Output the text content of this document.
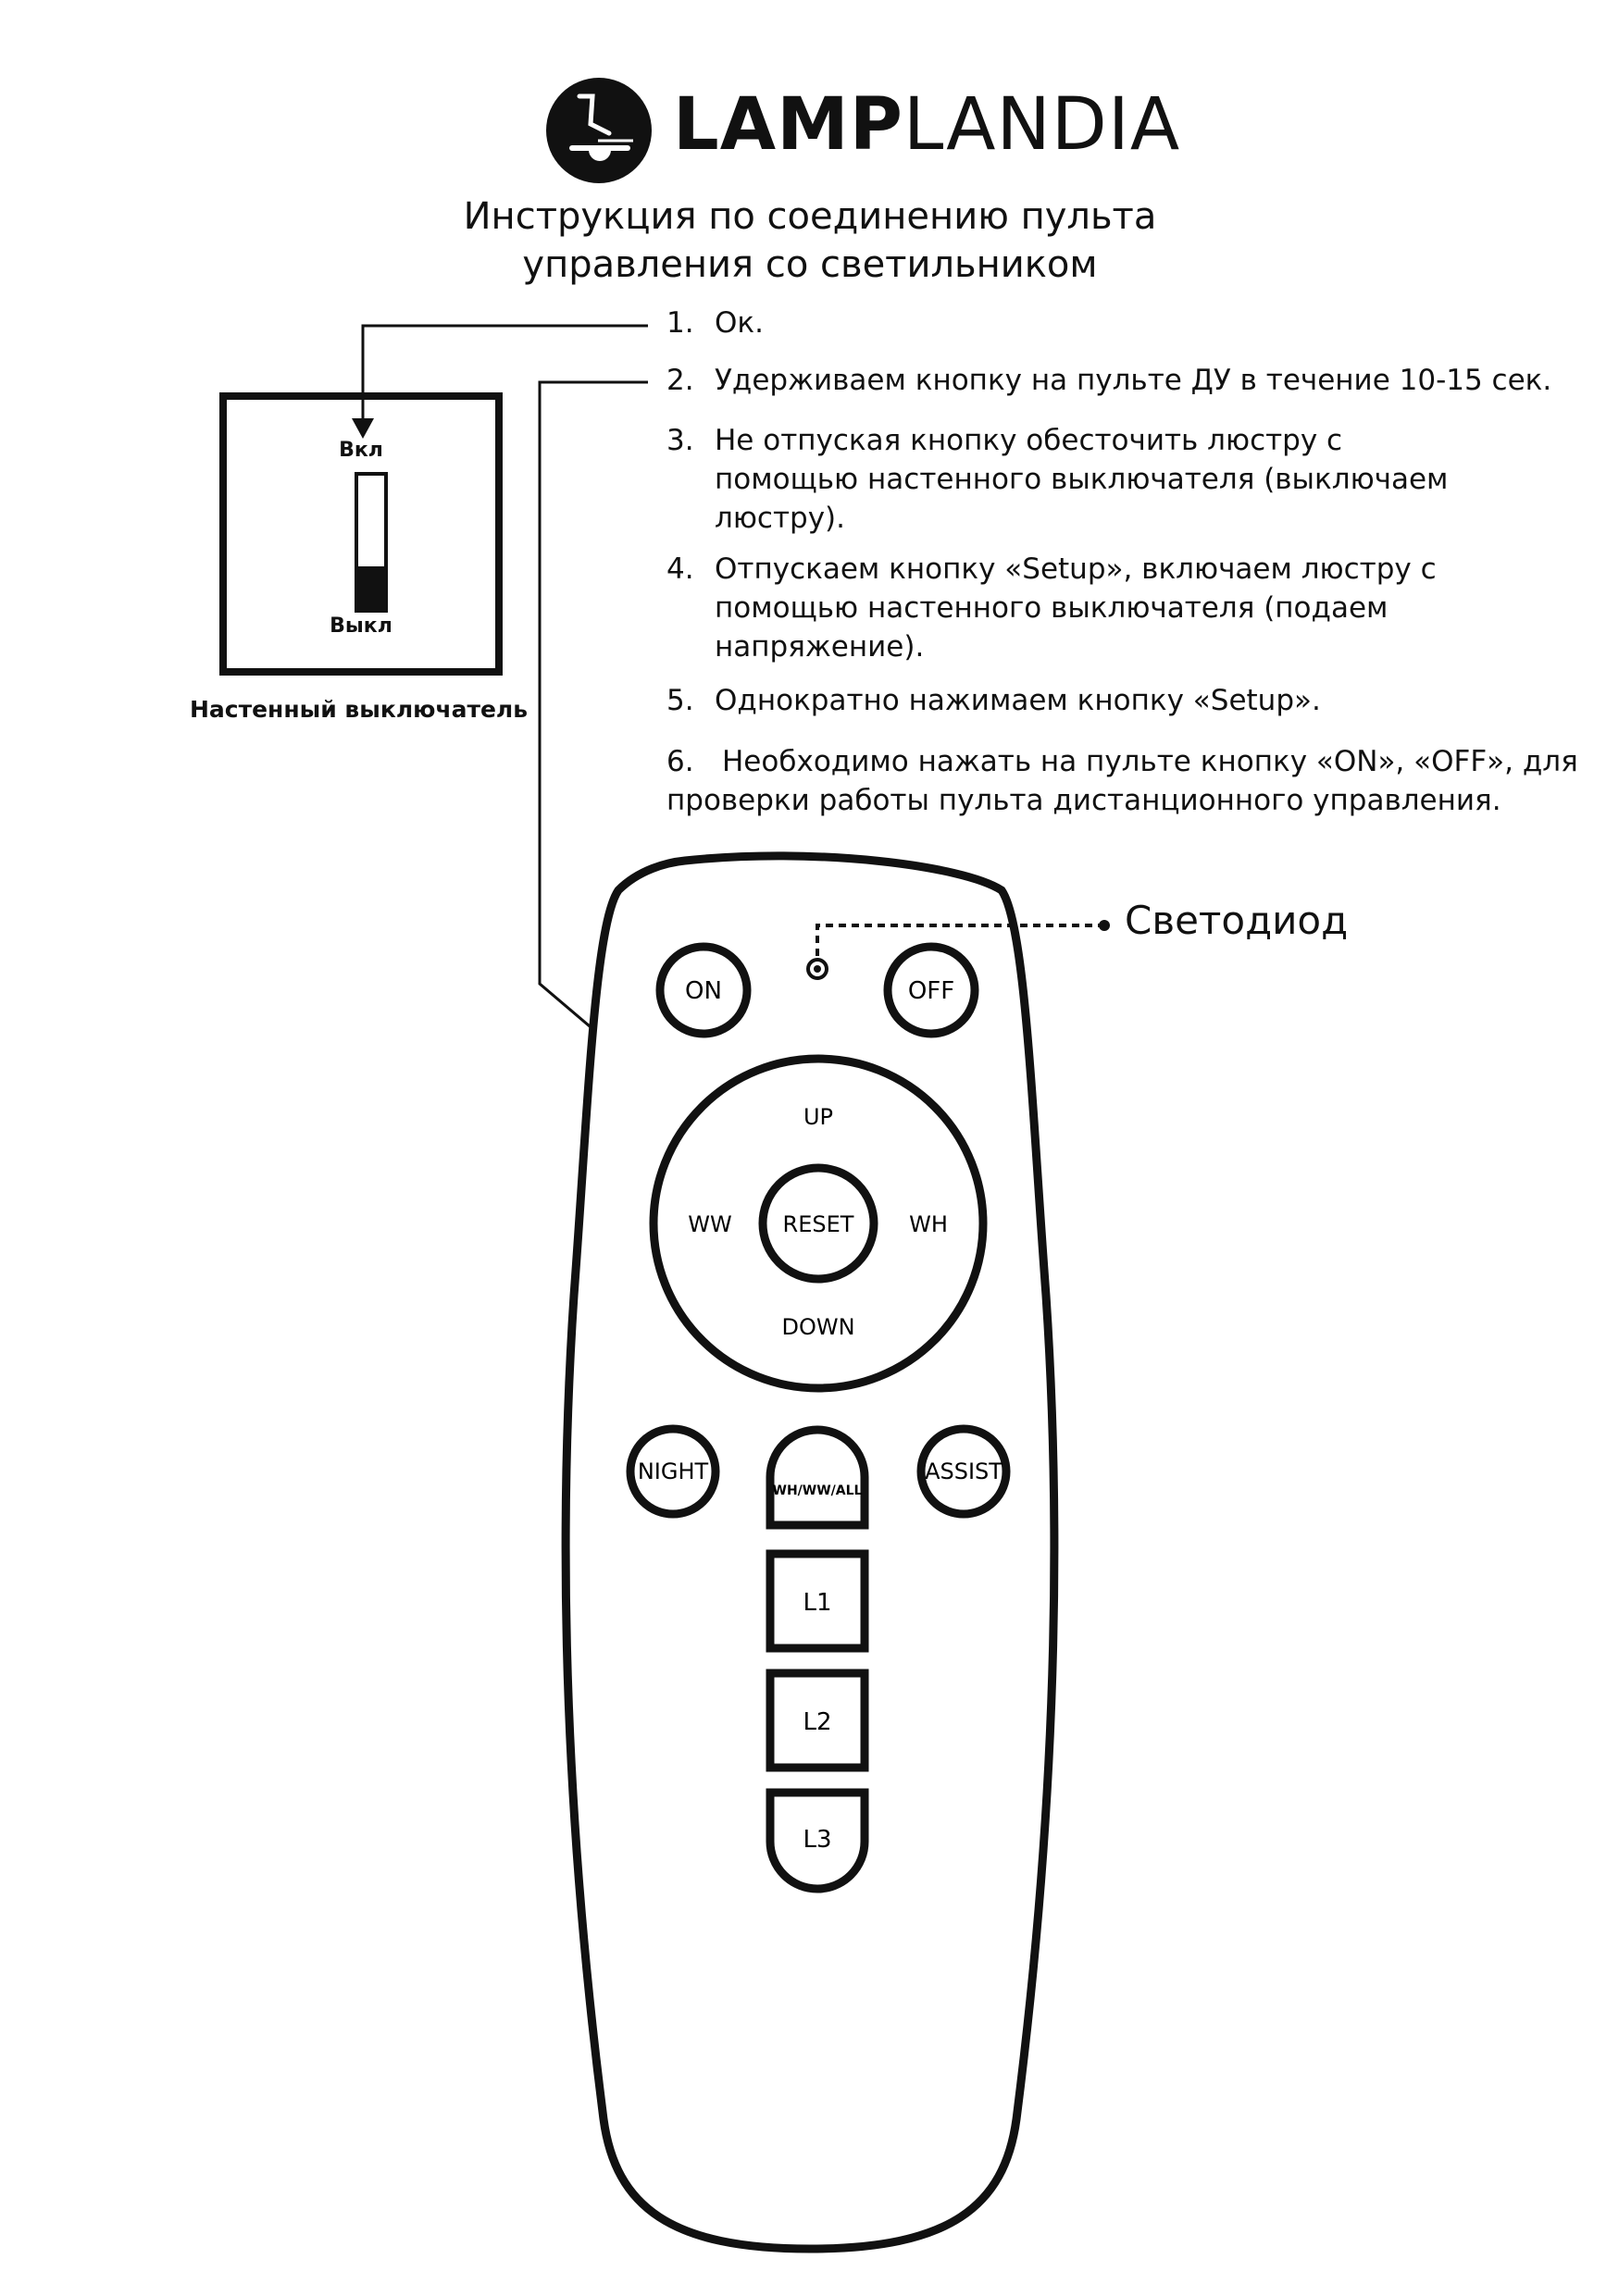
LAMPLANDIA
Инструкция по соединению пульта
управления со светильником
1. Ок.
2. Удерживаем кнопку на пульте ДУ в течение 10-15 сек.
3. Не отпуская кнопку обесточить люстру с
помощью настенного выключателя (выключаем
люстру).
4. Отпускаем кнопку «Setup», включаем люстру с
помощью настенного выключателя (подаем
напряжение).
5. Однократно нажимаем кнопку «Setup».
6. Необходимо нажать на пульте кнопку «ON», «OFF», для
проверки работы пульта дистанционного управления.
Вкл
Выкл
Настенный выключатель
ON	OFF
RESET
UP
DOWN
WW	WH
NIGHT
WH/WW/ALL
ASSIST
L1
L2
L3
Светодиод
